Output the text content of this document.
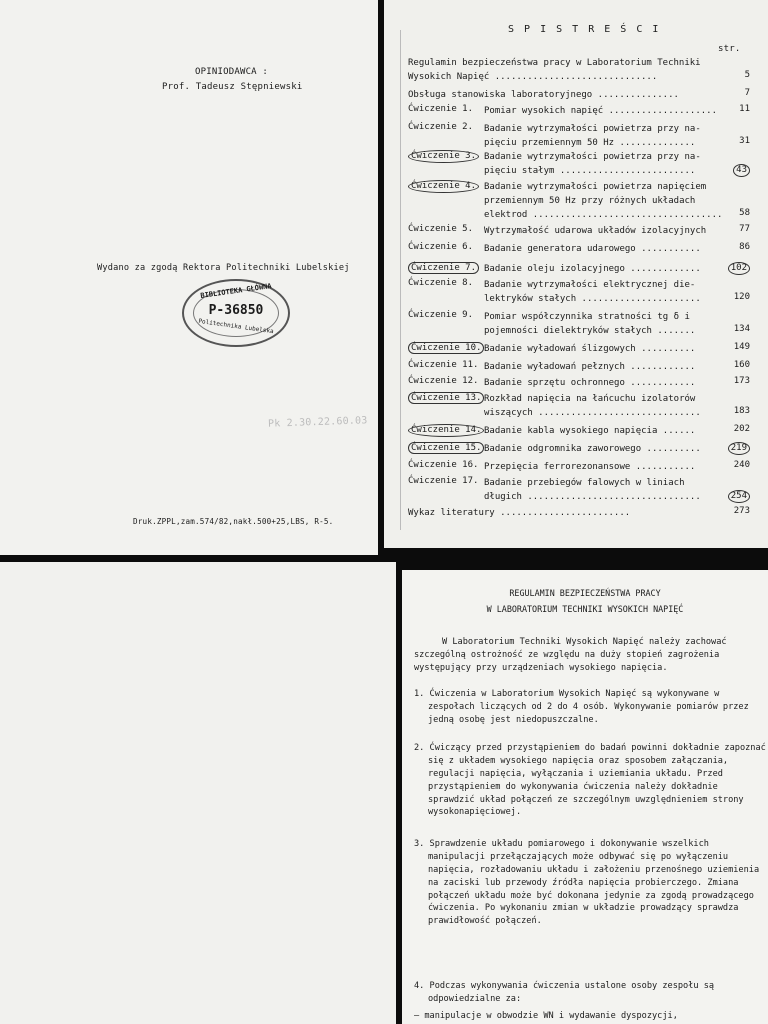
OPINIODAWCA :
Prof. Tadeusz Stępniewski
Wydano za zgodą Rektora Politechniki Lubelskiej
BIBLIOTEKA GŁÓWNA
P-36850
Politechnika Lubelska
Pk 2.30.22.60.03
Druk.ZPPL,zam.574/82,nakł.500+25,LBS, R-5.
S P I S T R E Ś C I
str.
Regulamin bezpieczeństwa pracy w Laboratorium Techniki
Wysokich Napięć ..............................	5
Obsługa stanowiska laboratoryjnego ...............	7
Ćwiczenie 1. Pomiar wysokich napięć .................... 11
Ćwiczenie 2. Badanie wytrzymałości powietrza przy na-
pięciu przemiennym 50 Hz ..............	31
Ćwiczenie 3. Badanie wytrzymałości powietrza przy na-
pięciu stałym .........................	43
Ćwiczenie 4. Badanie wytrzymałości powietrza napięciem
przemiennym 50 Hz przy różnych układach
elektrod ................................... 58
Ćwiczenie 5. Wytrzymałość udarowa układów izolacyjnych	77
Ćwiczenie 6. Badanie generatora udarowego ...........	86
Ćwiczenie 7. Badanie oleju izolacyjnego .............	102
Ćwiczenie 8. Badanie wytrzymałości elektrycznej die-
lektryków stałych ......................	120
Ćwiczenie 9. Pomiar współczynnika stratności tg δ i
pojemności dielektryków stałych .......	134
Ćwiczenie 10. Badanie wyładowań ślizgowych ..........	149
Ćwiczenie 11. Badanie wyładowań pełznych ............	160
Ćwiczenie 12. Badanie sprzętu ochronnego ............	173
Ćwiczenie 13. Rozkład napięcia na łańcuchu izolatorów
wiszących ..............................	183
Ćwiczenie 14. Badanie kabla wysokiego napięcia ......	202
Ćwiczenie 15. Badanie odgromnika zaworowego ..........	219
Ćwiczenie 16. Przepięcia ferrorezonansowe ...........	240
Ćwiczenie 17. Badanie przebiegów falowych w liniach
długich ................................	254
Wykaz literatury ........................	273
REGULAMIN BEZPIECZEŃSTWA PRACY
W LABORATORIUM TECHNIKI WYSOKICH NAPIĘĆ
W Laboratorium Techniki Wysokich Napięć należy zachować szczególną ostrożność ze względu na duży stopień zagrożenia występujący przy urządzeniach wysokiego napięcia.
1. Ćwiczenia w Laboratorium Wysokich Napięć są wykonywane w zespołach liczących od 2 do 4 osób. Wykonywanie pomiarów przez jedną osobę jest niedopuszczalne.
2. Ćwiczący przed przystąpieniem do badań powinni dokładnie zapoznać się z układem wysokiego napięcia oraz sposobem załączania, regulacji napięcia, wyłączania i uziemiania układu. Przed przystąpieniem do wykonywania ćwiczenia należy dokładnie sprawdzić układ połączeń ze szczególnym uwzględnieniem strony wysokonapięciowej.
3. Sprawdzenie układu pomiarowego i dokonywanie wszelkich manipulacji przełączających może odbywać się po wyłączeniu napięcia, rozładowaniu układu i założeniu przenośnego uziemienia na zaciski lub przewody źródła napięcia probierczego. Zmiana połączeń układu może być dokonana jedynie za zgodą prowadzącego ćwiczenia. Po wykonaniu zmian w układzie prowadzący sprawdza prawidłowość połączeń.
4. Podczas wykonywania ćwiczenia ustalone osoby zespołu są odpowiedzialne za:
– manipulacje w obwodzie WN i wydawanie dyspozycji,
